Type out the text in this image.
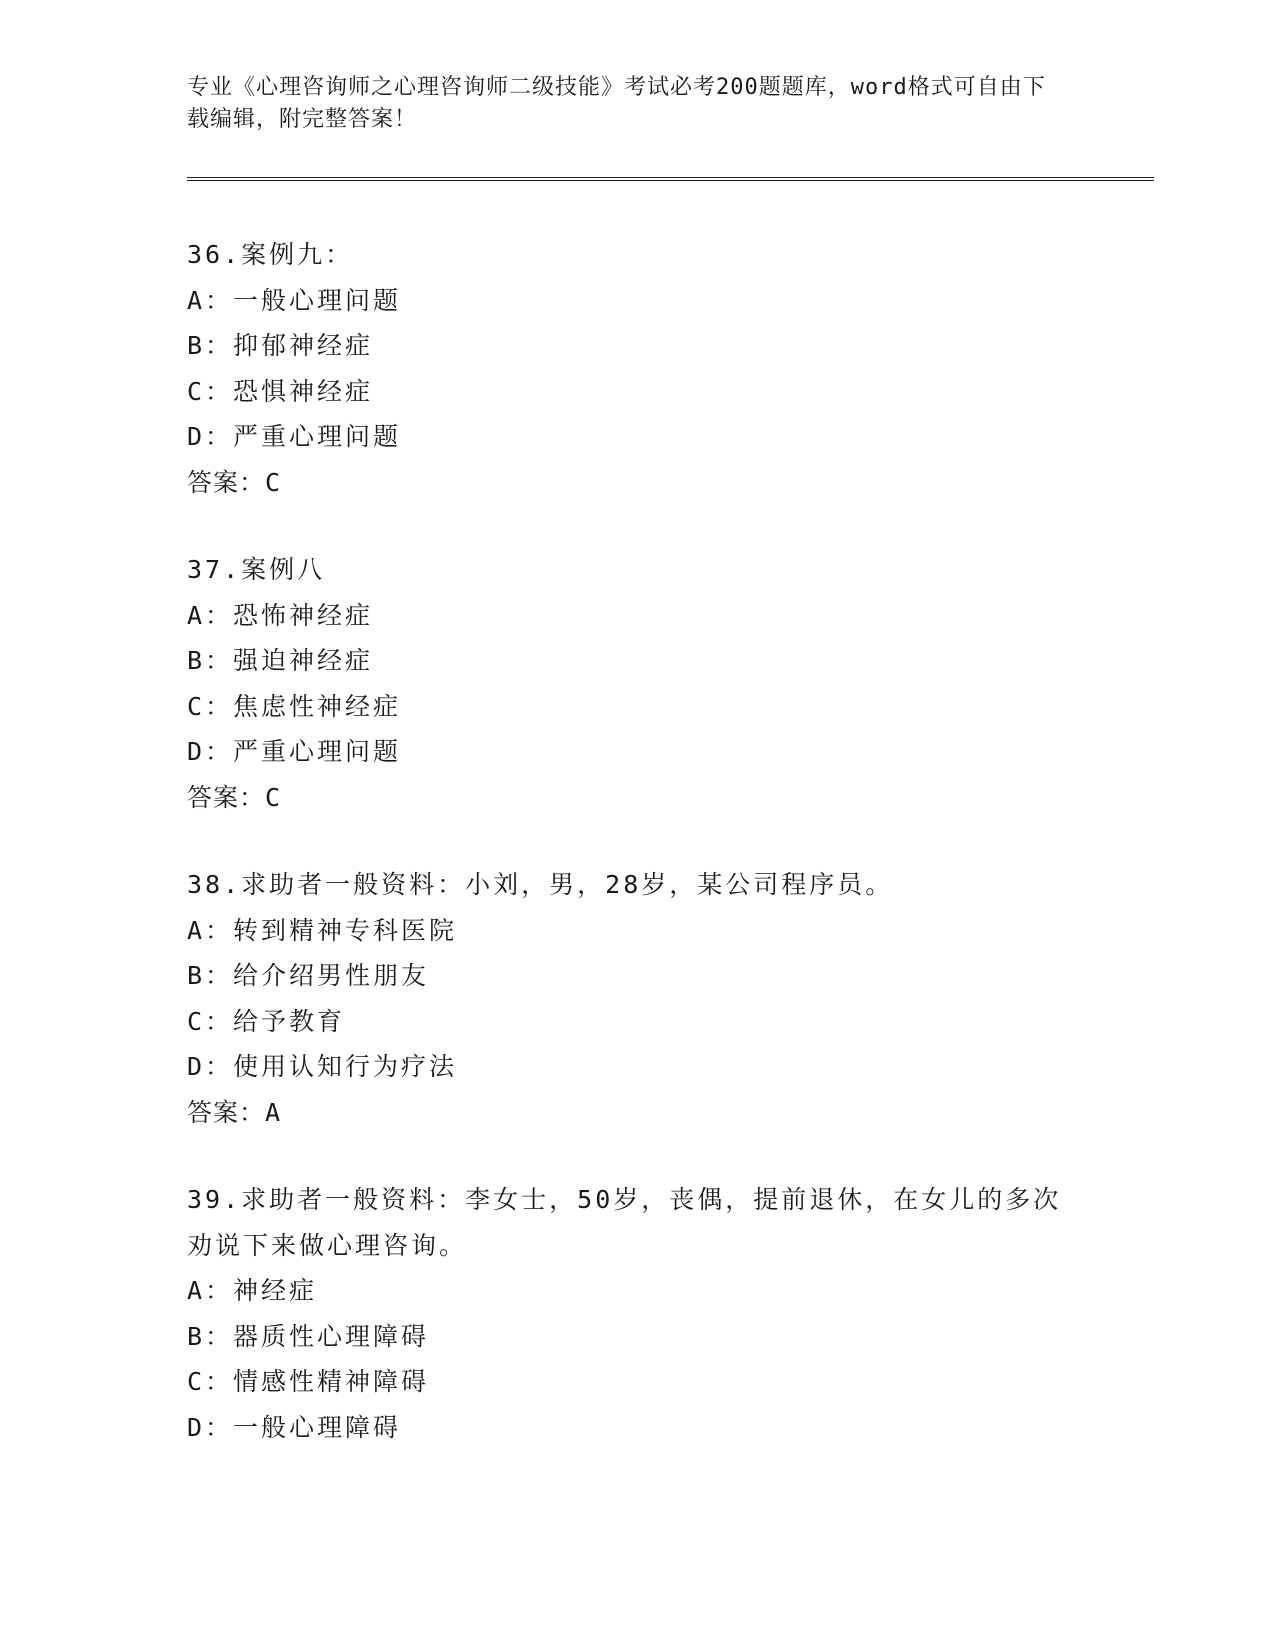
专业《心理咨询师之心理咨询师二级技能》考试必考200题题库，word格式可自由下载编辑，附完整答案！
36.案例九：
A：一般心理问题
B：抑郁神经症
C：恐惧神经症
D：严重心理问题
答案：C
37.案例八
A：恐怖神经症
B：强迫神经症
C：焦虑性神经症
D：严重心理问题
答案：C
38.求助者一般资料：小刘，男，28岁，某公司程序员。
A：转到精神专科医院
B：给介绍男性朋友
C：给予教育
D：使用认知行为疗法
答案：A
39.求助者一般资料：李女士，50岁，丧偶，提前退休，在女儿的多次劝说下来做心理咨询。
A：神经症
B：器质性心理障碍
C：情感性精神障碍
D：一般心理障碍
